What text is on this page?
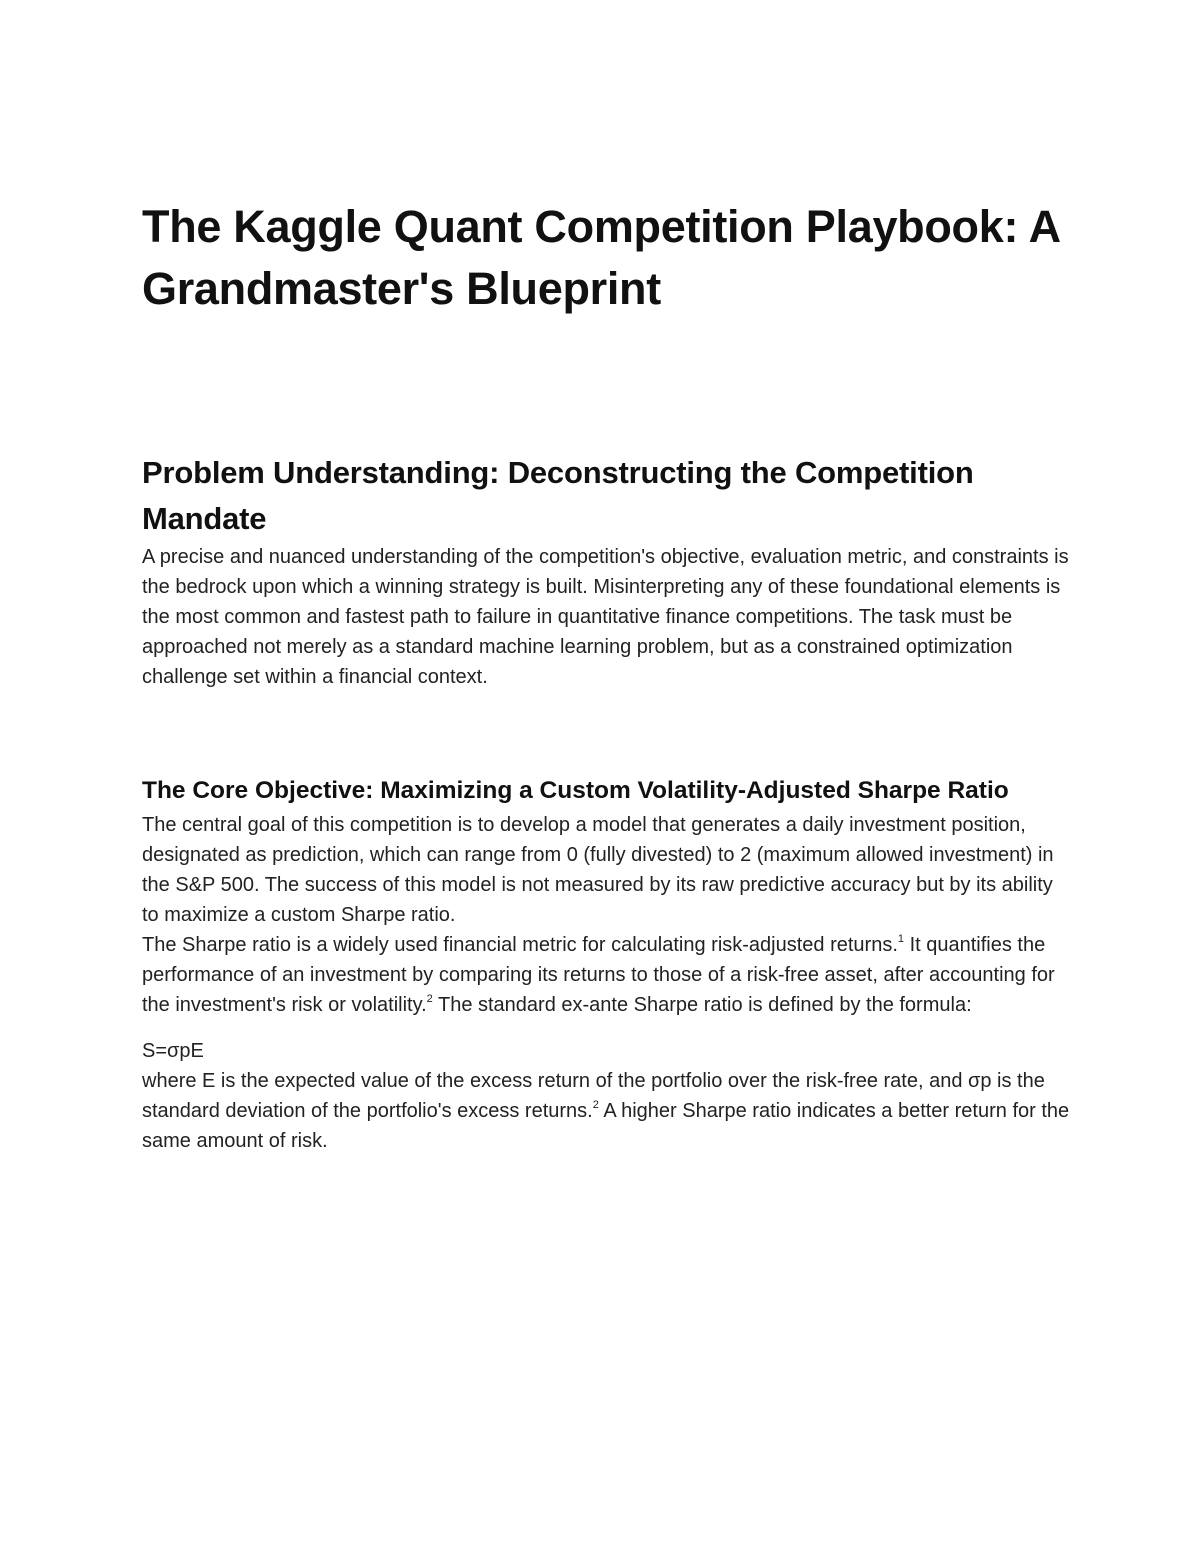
The Kaggle Quant Competition Playbook: A Grandmaster's Blueprint
Problem Understanding: Deconstructing the Competition Mandate

A precise and nuanced understanding of the competition's objective, evaluation metric, and constraints is the bedrock upon which a winning strategy is built. Misinterpreting any of these foundational elements is the most common and fastest path to failure in quantitative finance competitions. The task must be approached not merely as a standard machine learning problem, but as a constrained optimization challenge set within a financial context.

The Core Objective: Maximizing a Custom Volatility-Adjusted Sharpe Ratio

The central goal of this competition is to develop a model that generates a daily investment position, designated as prediction, which can range from 0 (fully divested) to 2 (maximum allowed investment) in the S&P 500. The success of this model is not measured by its raw predictive accuracy but by its ability to maximize a custom Sharpe ratio.

The Sharpe ratio is a widely used financial metric for calculating risk-adjusted returns.$^1$ It quantifies the performance of an investment by comparing its returns to those of a risk-free asset, after accounting for the investment's risk or volatility.$^2$ The standard ex-ante Sharpe ratio is defined by the formula:

S=σpE

where E is the expected value of the excess return of the portfolio over the risk-free rate, and σp is the standard deviation of the portfolio's excess returns.$^2$ A higher Sharpe ratio indicates a better return for the same amount of risk.
